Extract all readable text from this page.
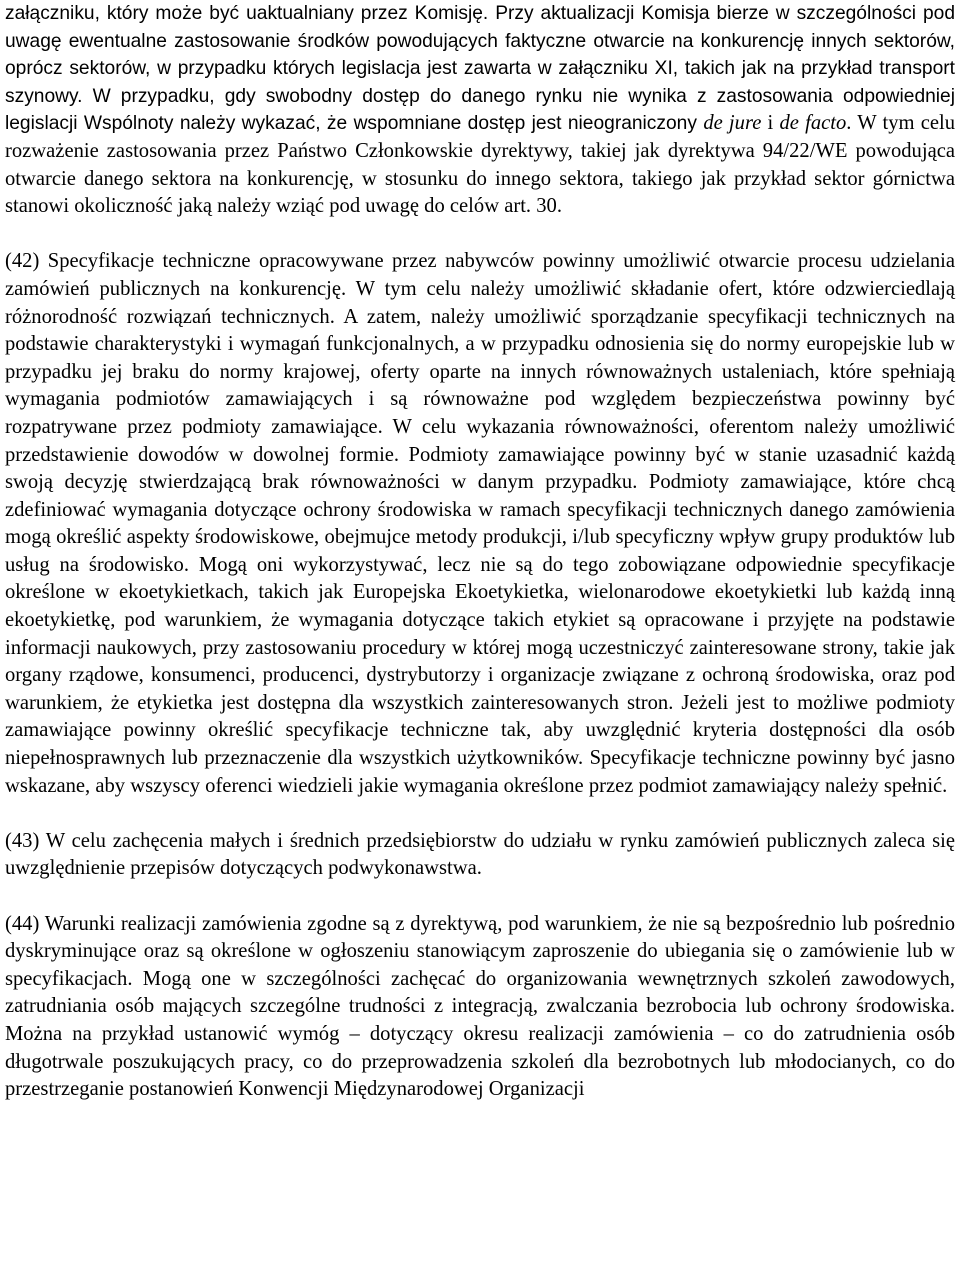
załączniku, który może być uaktualniany przez Komisję. Przy aktualizacji Komisja bierze w szczególności pod uwagę ewentualne zastosowanie środków powodujących faktyczne otwarcie na konkurencję innych sektorów, oprócz sektorów, w przypadku których legislacja jest zawarta w załączniku XI, takich jak na przykład transport szynowy. W przypadku, gdy swobodny dostęp do danego rynku nie wynika z zastosowania odpowiedniej legislacji Wspólnoty należy wykazać, że wspomniane dostęp jest nieograniczony de jure i de facto. W tym celu rozważenie zastosowania przez Państwo Członkowskie dyrektywy, takiej jak dyrektywa 94/22/WE powodująca otwarcie danego sektora na konkurencję, w stosunku do innego sektora, takiego jak przykład sektor górnictwa stanowi okoliczność jaką należy wziąć pod uwagę do celów art. 30.

(42) Specyfikacje techniczne opracowywane przez nabywców powinny umożliwić otwarcie procesu udzielania zamówień publicznych na konkurencję. W tym celu należy umożliwić składanie ofert, które odzwierciedlają różnorodność rozwiązań technicznych. A zatem, należy umożliwić sporządzanie specyfikacji technicznych na podstawie charakterystyki i wymagań funkcjonalnych, a w przypadku odnosienia się do normy europejskie lub w przypadku jej braku do normy krajowej, oferty oparte na innych równoważnych ustaleniach, które spełniają wymagania podmiotów zamawiających i są równoważne pod względem bezpieczeństwa powinny być rozpatrywane przez podmioty zamawiające. W celu wykazania równoważności, oferentom należy umożliwić przedstawienie dowodów w dowolnej formie. Podmioty zamawiające powinny być w stanie uzasadnić każdą swoją decyzję stwierdzającą brak równoważności w danym przypadku. Podmioty zamawiające, które chcą zdefiniować wymagania dotyczące ochrony środowiska w ramach specyfikacji technicznych danego zamówienia mogą określić aspekty środowiskowe, obejmujce metody produkcji, i/lub specyficzny wpływ grupy produktów lub usług na środowisko. Mogą oni wykorzystywać, lecz nie są do tego zobowiązane odpowiednie specyfikacje określone w ekoetykietkach, takich jak Europejska Ekoetykietka, wielonarodowe ekoetykietki lub każdą inną ekoetykietkę, pod warunkiem, że wymagania dotyczące takich etykiet są opracowane i przyjęte na podstawie informacji naukowych, przy zastosowaniu procedury w której mogą uczestniczyć zainteresowane strony, takie jak organy rządowe, konsumenci, producenci, dystrybutorzy i organizacje związane z ochroną środowiska, oraz pod warunkiem, że etykietka jest dostępna dla wszystkich zainteresowanych stron. Jeżeli jest to możliwe podmioty zamawiające powinny określić specyfikacje techniczne tak, aby uwzględnić kryteria dostępności dla osób niepełnosprawnych lub przeznaczenie dla wszystkich użytkowników. Specyfikacje techniczne powinny być jasno wskazane, aby wszyscy oferenci wiedzieli jakie wymagania określone przez podmiot zamawiający należy spełnić.

(43) W celu zachęcenia małych i średnich przedsiębiorstw do udziału w rynku zamówień publicznych zaleca się uwzględnienie przepisów dotyczących podwykonawstwa.

(44) Warunki realizacji zamówienia zgodne są z dyrektywą, pod warunkiem, że nie są bezpośrednio lub pośrednio dyskryminujące oraz są określone w ogłoszeniu stanowiącym zaproszenie do ubiegania się o zamówienie lub w specyfikacjach. Mogą one w szczególności zachęcać do organizowania wewnętrznych szkoleń zawodowych, zatrudniania osób mających szczególne trudności z integracją, zwalczania bezrobocia lub ochrony środowiska. Można na przykład ustanowić wymóg – dotyczący okresu realizacji zamówienia – co do zatrudnienia osób długotrwale poszukujących pracy, co do przeprowadzenia szkoleń dla bezrobotnych lub młodocianych, co do przestrzeganie postanowień Konwencji Międzynarodowej Organizacji
